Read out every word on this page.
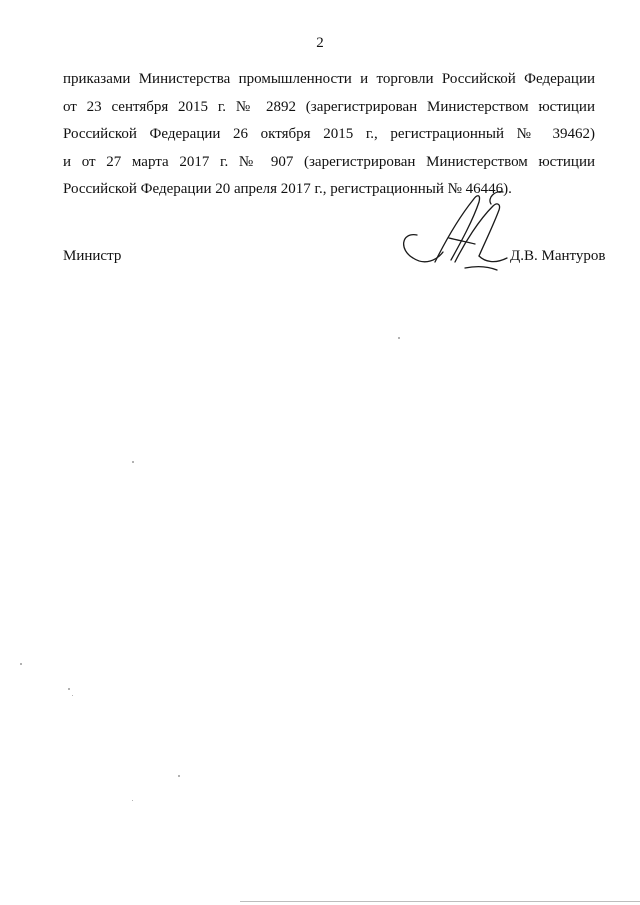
2
приказами Министерства промышленности и торговли Российской Федерации
от 23 сентября 2015 г. № 2892 (зарегистрирован Министерством юстиции
Российской Федерации 26 октября 2015 г., регистрационный № 39462)
и от 27 марта 2017 г. № 907 (зарегистрирован Министерством юстиции
Российской Федерации 20 апреля 2017 г., регистрационный № 46446).
Министр	Д.В. Мантуров
